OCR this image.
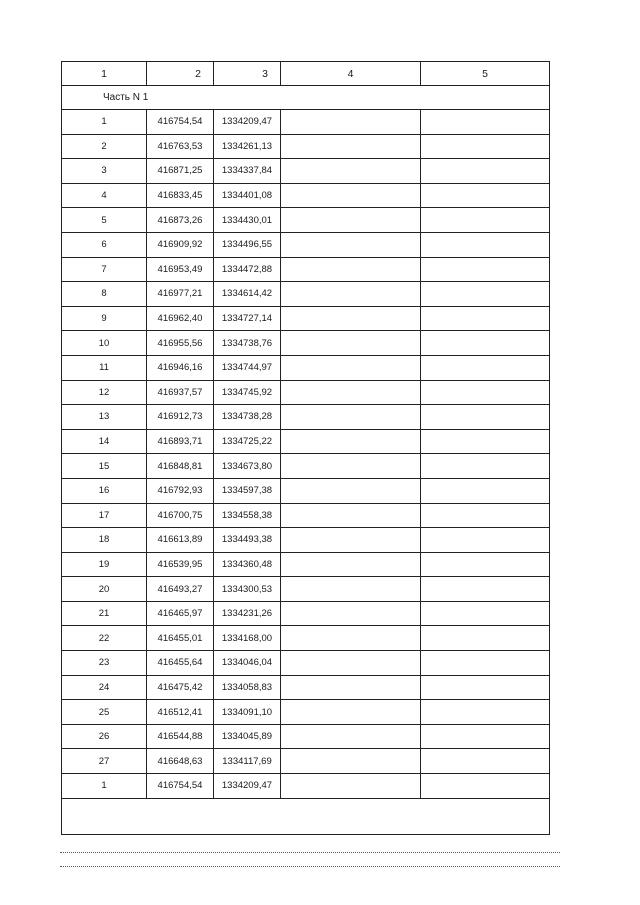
1	2	3	4	5
Часть N 1				
1	416754,54	1334209,47		
2	416763,53	1334261,13		
3	416871,25	1334337,84		
4	416833,45	1334401,08		
5	416873,26	1334430,01		
6	416909,92	1334496,55		
7	416953,49	1334472,88		
8	416977,21	1334614,42		
9	416962,40	1334727,14		
10	416955,56	1334738,76		
11	416946,16	1334744,97		
12	416937,57	1334745,92		
13	416912,73	1334738,28		
14	416893,71	1334725,22		
15	416848,81	1334673,80		
16	416792,93	1334597,38		
17	416700,75	1334558,38		
18	416613,89	1334493,38		
19	416539,95	1334360,48		
20	416493,27	1334300,53		
21	416465,97	1334231,26		
22	416455,01	1334168,00		
23	416455,64	1334046,04		
24	416475,42	1334058,83		
25	416512,41	1334091,10		
26	416544,88	1334045,89		
27	416648,63	1334117,69		
1	416754,54	1334209,47		
